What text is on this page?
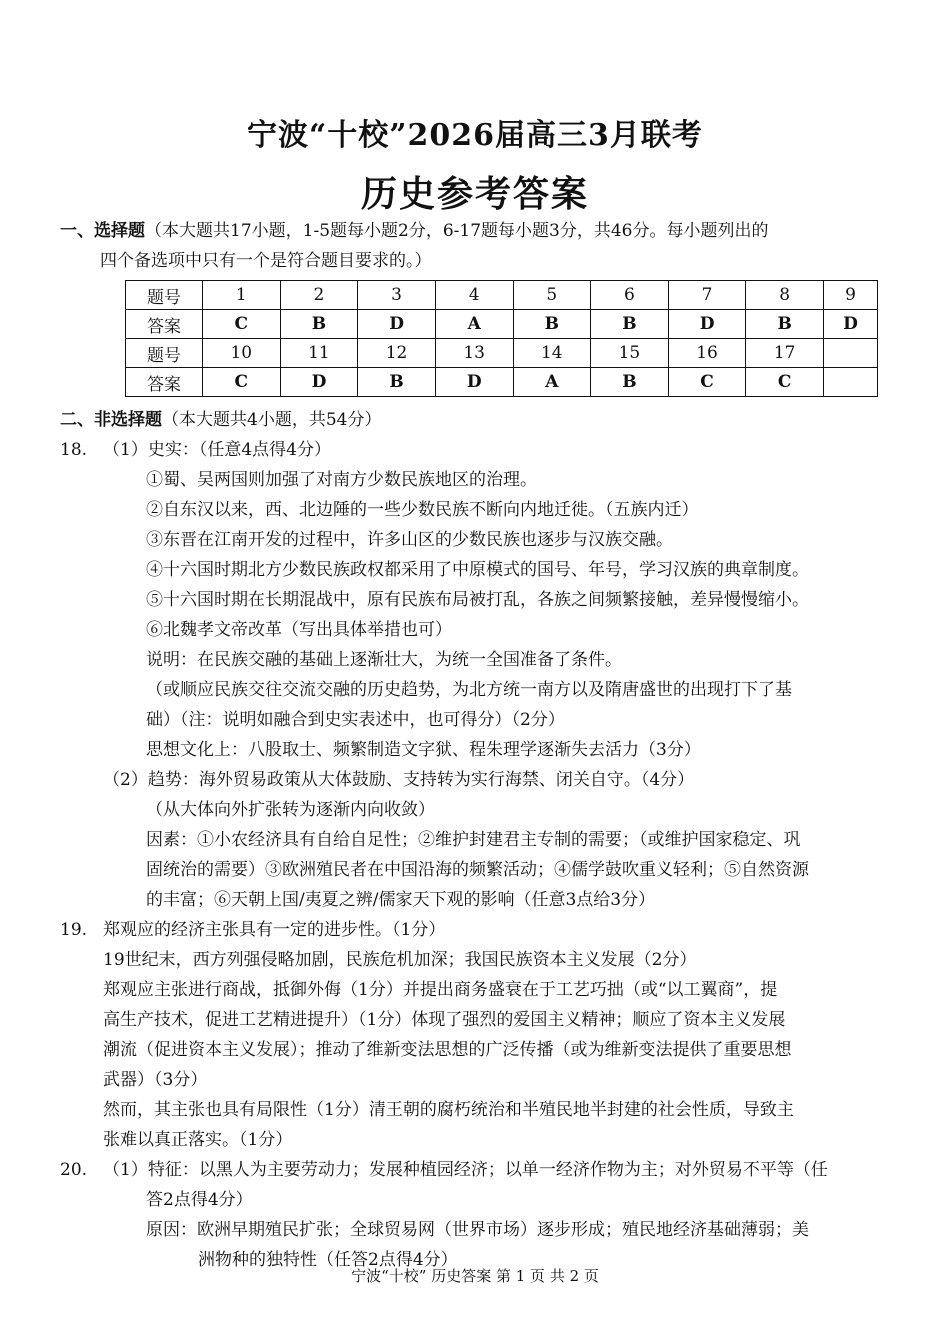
宁波“十校”2026届高三3月联考
历史参考答案
一、选择题（本大题共17小题，1-5题每小题2分，6-17题每小题3分，共46分。每小题列出的
四个备选项中只有一个是符合题目要求的。）
题号	1	2	3	4	5	6	7	8	9
答案	C	B	D	A	B	B	D	B	D
题号	10	11	12	13	14	15	16	17	
答案	C	D	B	D	A	B	C	C	
二、非选择题（本大题共4小题，共54分）
18. （1）史实：（任意4点得4分）
①蜀、吴两国则加强了对南方少数民族地区的治理。
②自东汉以来，西、北边陲的一些少数民族不断向内地迁徙。（五族内迁）
③东晋在江南开发的过程中，许多山区的少数民族也逐步与汉族交融。
④十六国时期北方少数民族政权都采用了中原模式的国号、年号，学习汉族的典章制度。
⑤十六国时期在长期混战中，原有民族布局被打乱，各族之间频繁接触，差异慢慢缩小。
⑥北魏孝文帝改革（写出具体举措也可）
说明：在民族交融的基础上逐渐壮大，为统一全国准备了条件。
（或顺应民族交往交流交融的历史趋势，为北方统一南方以及隋唐盛世的出现打下了基
础）（注：说明如融合到史实表述中，也可得分）（2分）
思想文化上：八股取士、频繁制造文字狱、程朱理学逐渐失去活力（3分）
（2）趋势：海外贸易政策从大体鼓励、支持转为实行海禁、闭关自守。（4分）
（从大体向外扩张转为逐渐内向收敛）
因素：①小农经济具有自给自足性；②维护封建君主专制的需要；（或维护国家稳定、巩
固统治的需要）③欧洲殖民者在中国沿海的频繁活动；④儒学鼓吹重义轻利；⑤自然资源
的丰富；⑥天朝上国/夷夏之辨/儒家天下观的影响（任意3点给3分）
19. 郑观应的经济主张具有一定的进步性。（1分）
19世纪末，西方列强侵略加剧，民族危机加深；我国民族资本主义发展（2分）
郑观应主张进行商战，抵御外侮（1分）并提出商务盛衰在于工艺巧拙（或“以工翼商”，提
高生产技术，促进工艺精进提升）（1分）体现了强烈的爱国主义精神；顺应了资本主义发展
潮流（促进资本主义发展）；推动了维新变法思想的广泛传播（或为维新变法提供了重要思想
武器）（3分）
然而，其主张也具有局限性（1分）清王朝的腐朽统治和半殖民地半封建的社会性质，导致主
张难以真正落实。（1分）
20. （1）特征：以黑人为主要劳动力；发展种植园经济；以单一经济作物为主；对外贸易不平等（任
答2点得4分）
原因：欧洲早期殖民扩张；全球贸易网（世界市场）逐步形成；殖民地经济基础薄弱；美
洲物种的独特性（任答2点得4分）
宁波“十校” 历史答案 第 1 页 共 2 页
